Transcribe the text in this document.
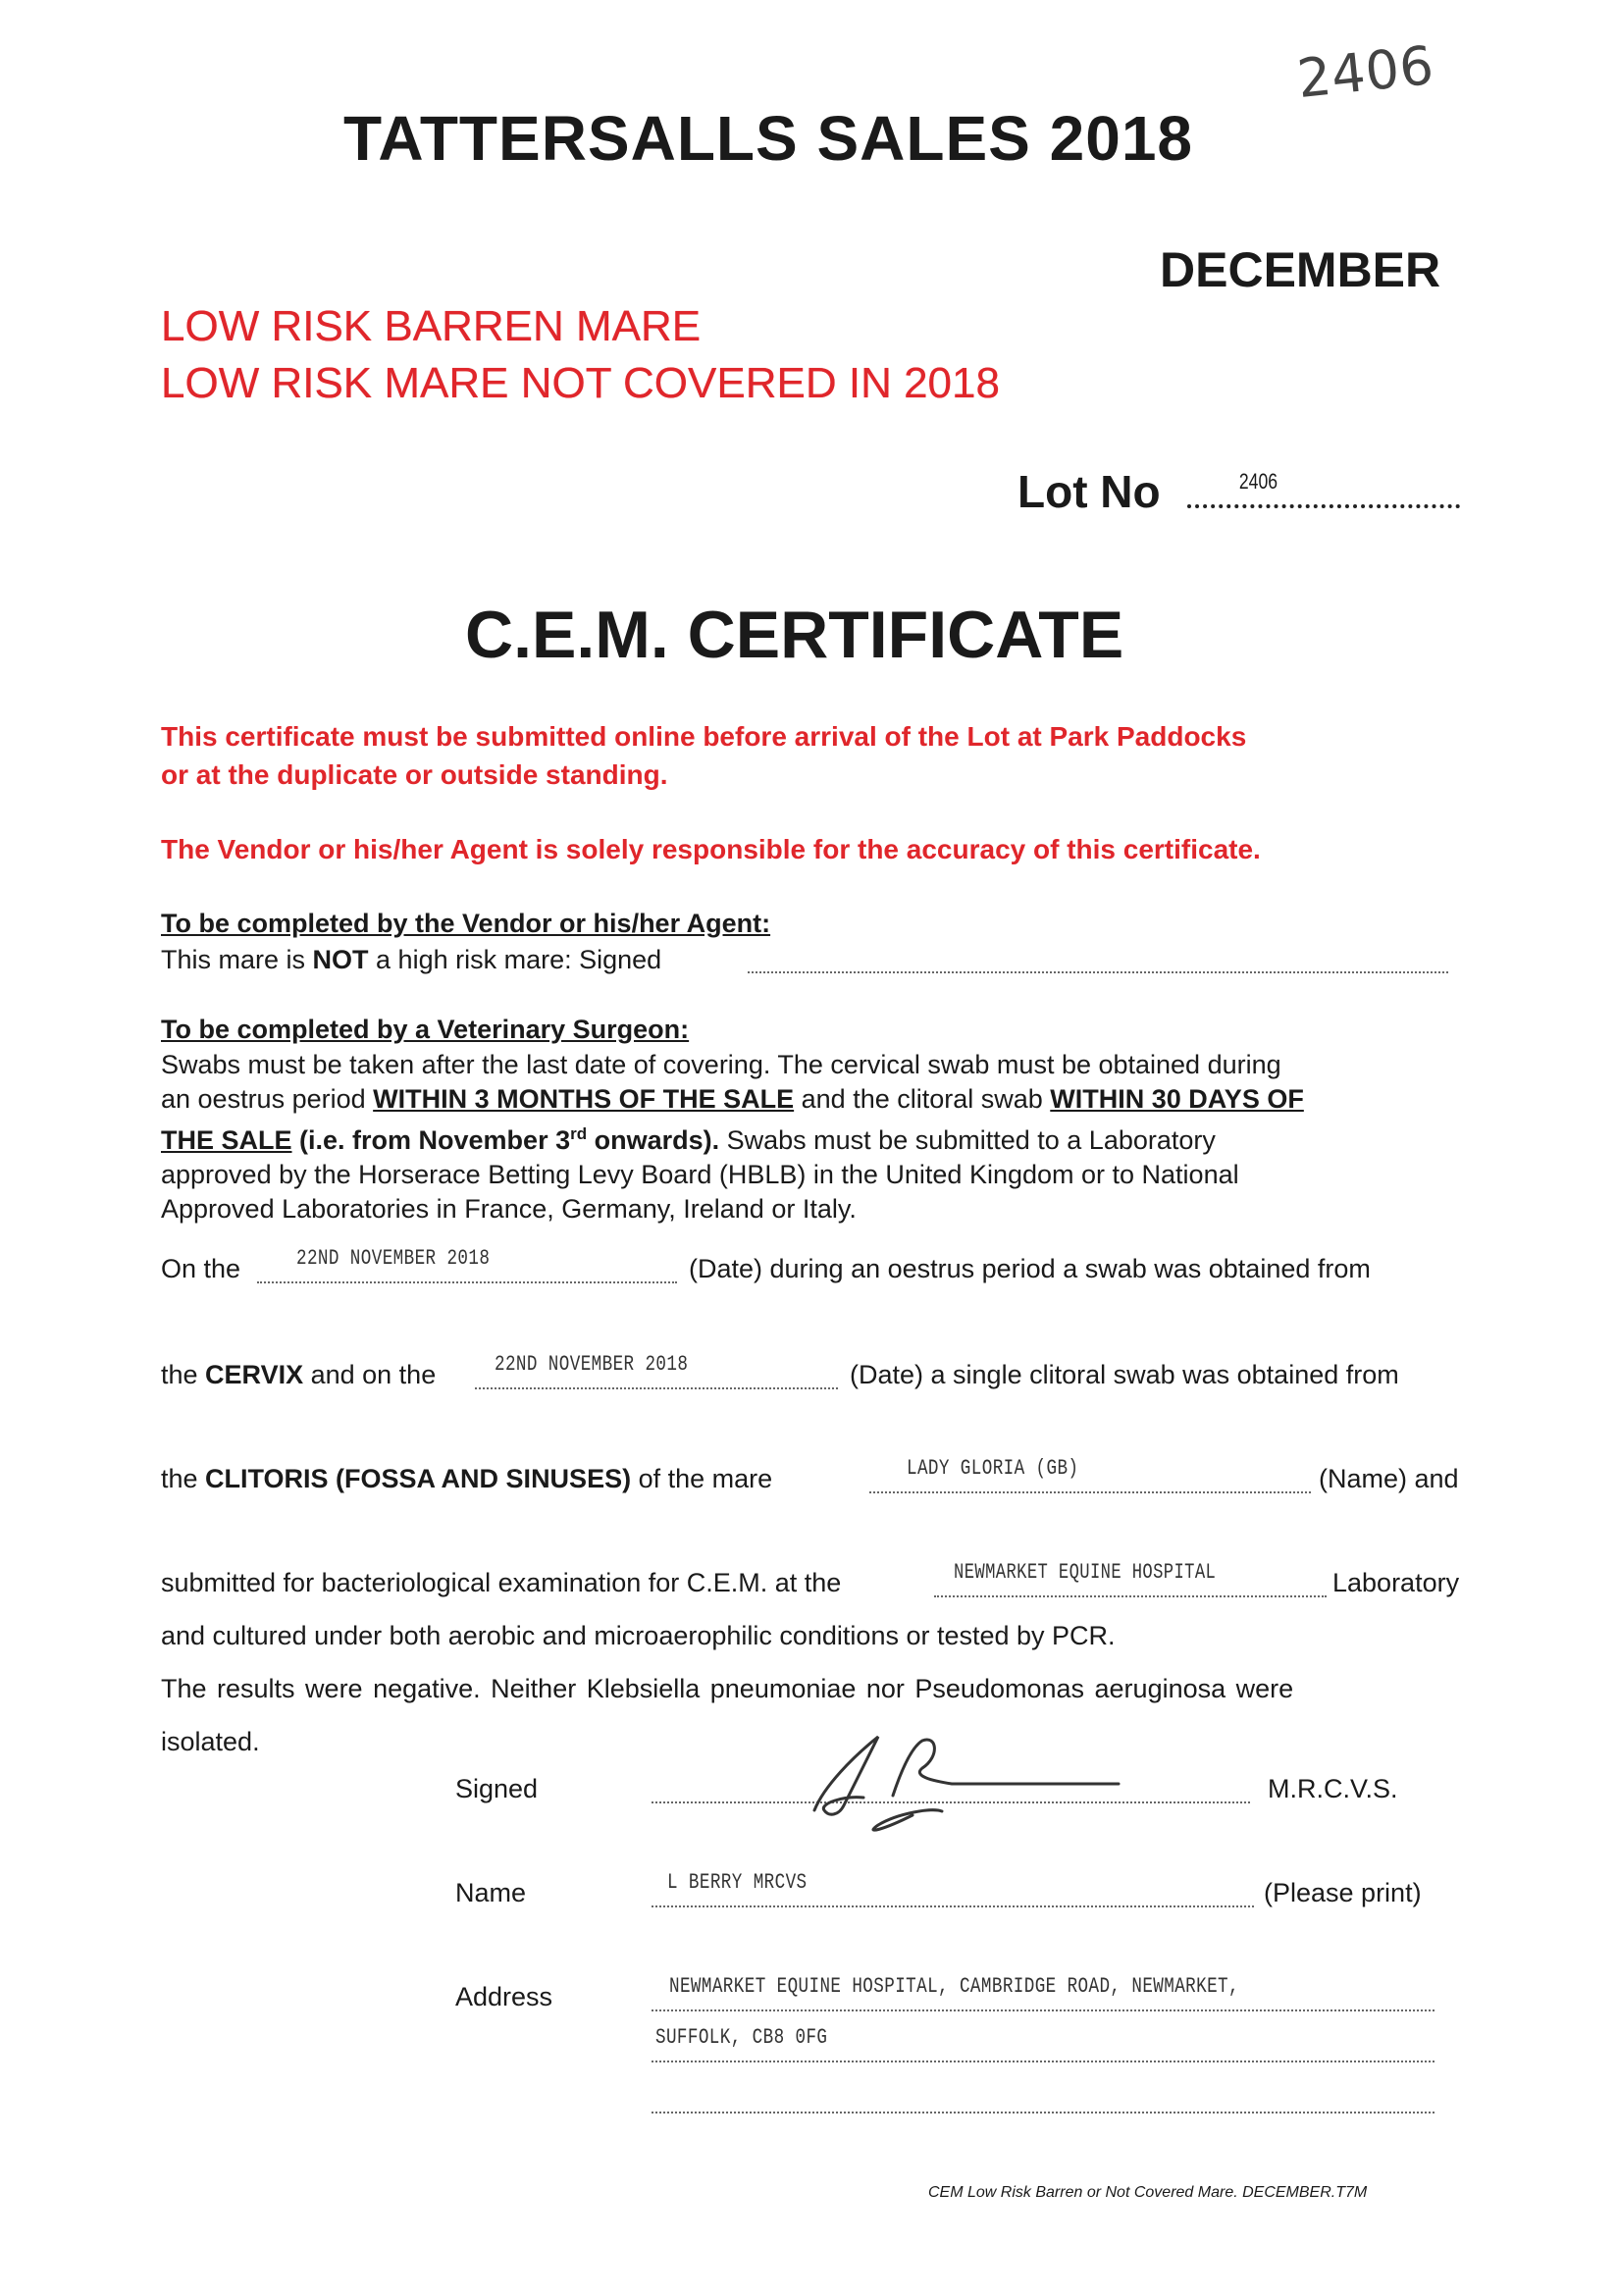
2406
TATTERSALLS SALES 2018
DECEMBER
LOW RISK BARREN MARE
LOW RISK MARE NOT COVERED IN 2018
Lot No	2406
C.E.M. CERTIFICATE
This certificate must be submitted online before arrival of the Lot at Park Paddocks
or at the duplicate or outside standing.
The Vendor or his/her Agent is solely responsible for the accuracy of this certificate.
To be completed by the Vendor or his/her Agent:
This mare is NOT a high risk mare: Signed
To be completed by a Veterinary Surgeon:
Swabs must be taken after the last date of covering. The cervical swab must be obtained during
an oestrus period WITHIN 3 MONTHS OF THE SALE and the clitoral swab WITHIN 30 DAYS OF
THE SALE (i.e. from November 3rd onwards). Swabs must be submitted to a Laboratory
approved by the Horserace Betting Levy Board (HBLB) in the United Kingdom or to National
Approved Laboratories in France, Germany, Ireland or Italy.
On the	22ND NOVEMBER 2018	(Date) during an oestrus period a swab was obtained from
the CERVIX and on the	22ND NOVEMBER 2018	(Date) a single clitoral swab was obtained from
the CLITORIS (FOSSA AND SINUSES) of the mare	LADY GLORIA (GB)	(Name) and
submitted for bacteriological examination for C.E.M. at the	NEWMARKET EQUINE HOSPITAL	Laboratory
and cultured under both aerobic and microaerophilic conditions or tested by PCR.
The results were negative. Neither Klebsiella pneumoniae nor Pseudomonas aeruginosa were
isolated.
Signed	M.R.C.V.S.
Name	L BERRY MRCVS	(Please print)
Address	NEWMARKET EQUINE HOSPITAL, CAMBRIDGE ROAD, NEWMARKET,
SUFFOLK, CB8 0FG
CEM Low Risk Barren or Not Covered Mare. DECEMBER.T7M
